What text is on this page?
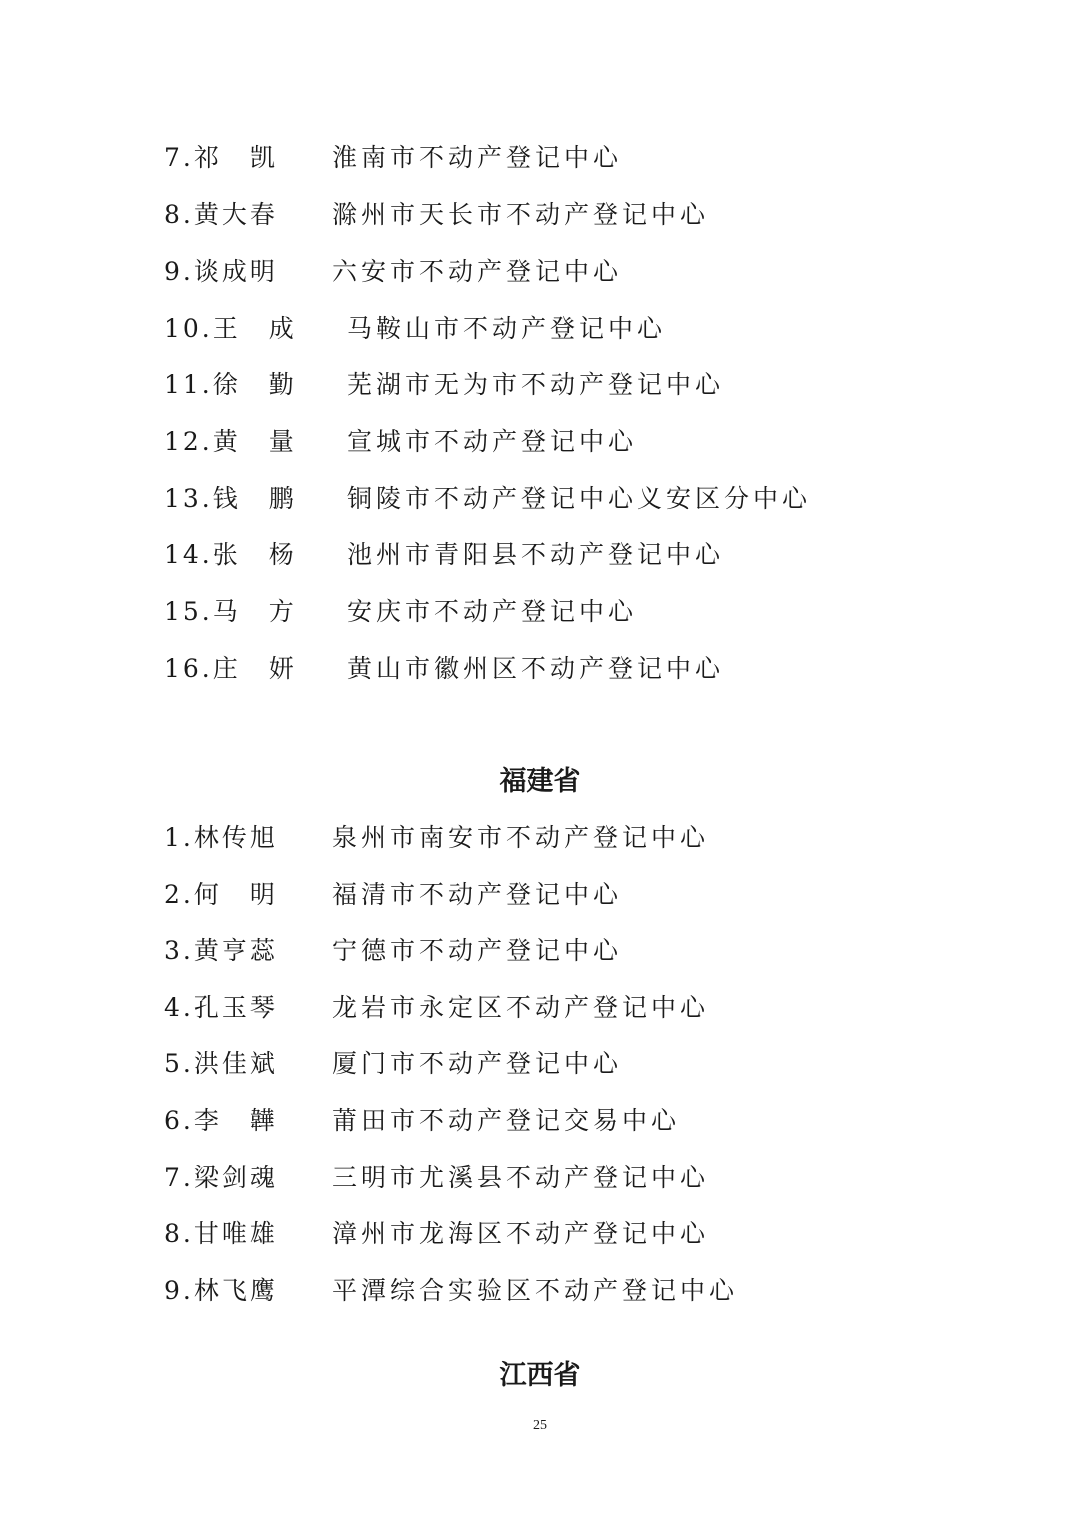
7.祁　凯 淮南市不动产登记中心
8.黄大春 滁州市天长市不动产登记中心
9.谈成明 六安市不动产登记中心
10.王　成 马鞍山市不动产登记中心
11.徐　勤 芜湖市无为市不动产登记中心
12.黄　量 宣城市不动产登记中心
13.钱　鹏 铜陵市不动产登记中心义安区分中心
14.张　杨 池州市青阳县不动产登记中心
15.马　方 安庆市不动产登记中心
16.庄　妍 黄山市徽州区不动产登记中心
福建省
1.林传旭 泉州市南安市不动产登记中心
2.何　明 福清市不动产登记中心
3.黄亨蕊 宁德市不动产登记中心
4.孔玉琴 龙岩市永定区不动产登记中心
5.洪佳斌 厦门市不动产登记中心
6.李　韡 莆田市不动产登记交易中心
7.梁剑魂 三明市尤溪县不动产登记中心
8.甘唯雄 漳州市龙海区不动产登记中心
9.林飞鹰 平潭综合实验区不动产登记中心
江西省
25
